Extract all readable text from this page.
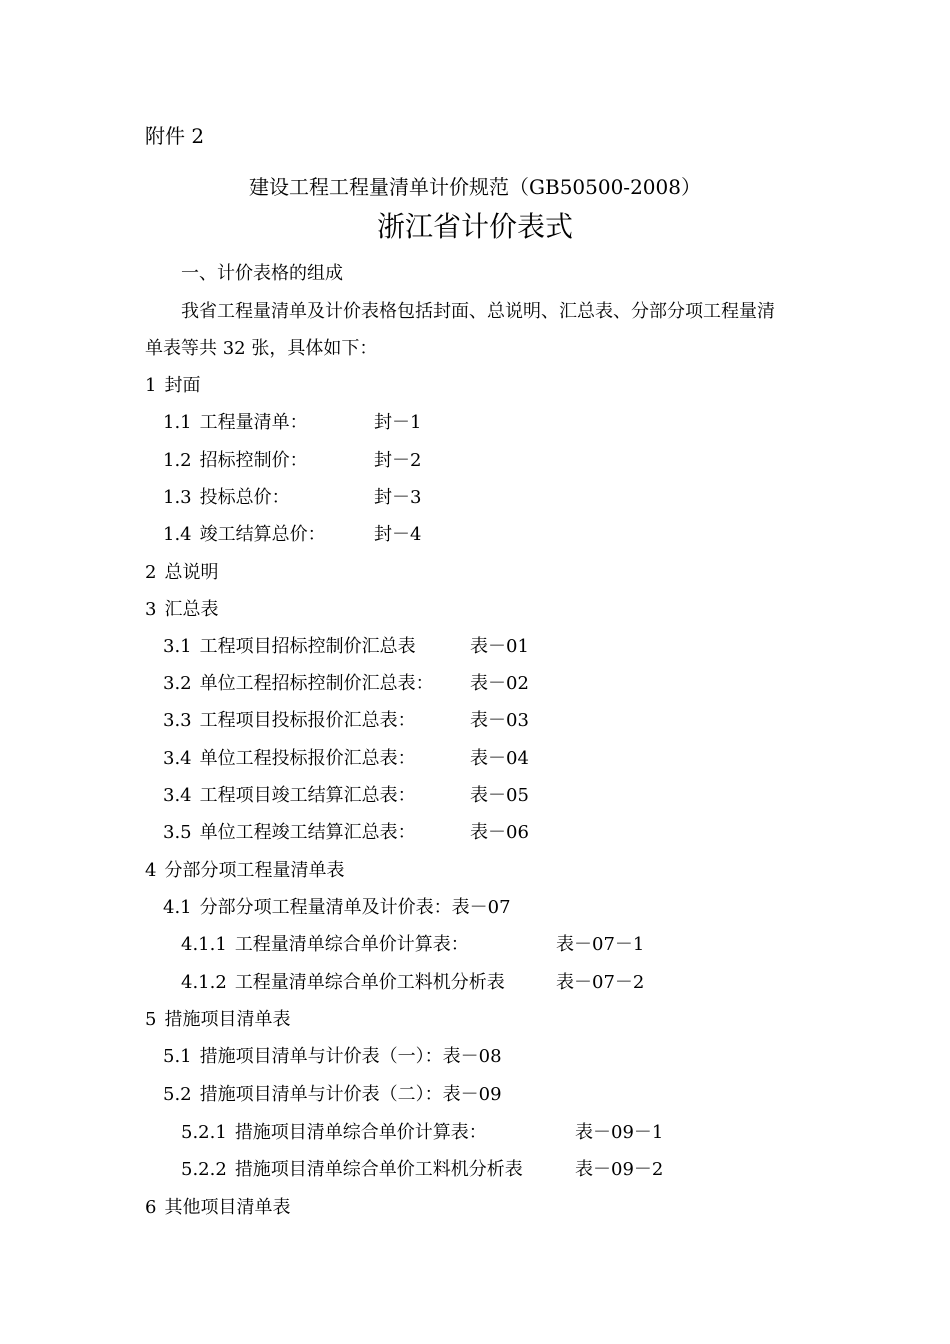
附件 2
建设工程工程量清单计价规范（GB50500-2008）
浙江省计价表式
一、计价表格的组成
我省工程量清单及计价表格包括封面、总说明、汇总表、分部分项工程量清
单表等共 32 张，具体如下：
1 封面
1.1 工程量清单：	封－1
1.2 招标控制价：	封－2
1.3 投标总价：	封－3
1.4 竣工结算总价：	封－4
2 总说明
3 汇总表
3.1 工程项目招标控制价汇总表	表－01
3.2 单位工程招标控制价汇总表： 表－02
3.3 工程项目投标报价汇总表：	表－03
3.4 单位工程投标报价汇总表：	表－04
3.4 工程项目竣工结算汇总表：	表－05
3.5 单位工程竣工结算汇总表：	表－06
4 分部分项工程量清单表
4.1 分部分项工程量清单及计价表：表－07
4.1.1 工程量清单综合单价计算表：	表－07－1
4.1.2 工程量清单综合单价工料机分析表	表－07－2
5 措施项目清单表
5.1 措施项目清单与计价表（一）：表－08
5.2 措施项目清单与计价表（二）：表－09
5.2.1 措施项目清单综合单价计算表：	表－09－1
5.2.2 措施项目清单综合单价工料机分析表	表－09－2
6 其他项目清单表
